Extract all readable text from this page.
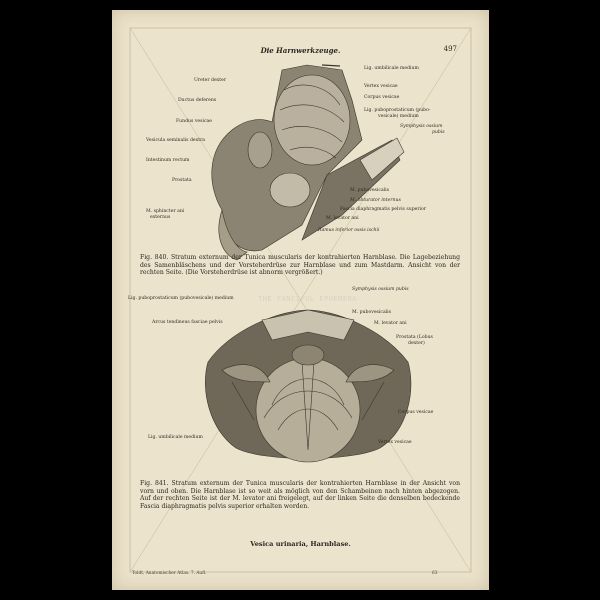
Die Harnwerkzeuge.	497
Ureter dexter
Ductus deferens
Fundus vesicae
Vesicula seminalis dextra
Intestinum rectum
Prostata
M. sphincter ani
externus
Lig. umbilicale medium
Vertex vesicae
Corpus vesicae
Lig. puboprostaticum (pubo-
vesicale) medium
Symphysis ossium
pubis
M. pubovesicalis
M. obturator internus
Fascia diaphragmatis pelvis superior
M. levator ani
Ramus inferior ossis ischii
Fig. 840. Stratum externum der Tunica muscularis der kontrahierten Harnblase. Die Lagebeziehung des Samenbläschens und der Vorsteherdrüse zur Harnblase und zum Mastdarm. Ansicht von der rechten Seite. (Die Vorsteherdrüse ist abnorm vergrößert.)
Symphysis ossium pubis
Lig. puboprostaticum (pubovesicale) medium	THE FANCIFUL EPHEMERA
Arcus tendineus fasciae pelvis
Lig. umbilicale medium
M. pubovesicalis
M. levator ani
Prostata (Lobus
dexter)
Corpus vesicae
Vertex vesicae
Fig. 841. Stratum externum der Tunica muscularis der kontrahierten Harnblase in der Ansicht von vorn und oben. Die Harnblase ist so weit als möglich von den Schambeinen nach hinten abgezogen. Auf der rechten Seite ist der M. levator ani freigelegt, auf der linken Seite die denselben bedeckende Fascia diaphragmatis pelvis superior erhalten worden.
Vesica urinaria, Harnblase.
Toldt, Anatomischer Atlas. 7. Aufl.	63
